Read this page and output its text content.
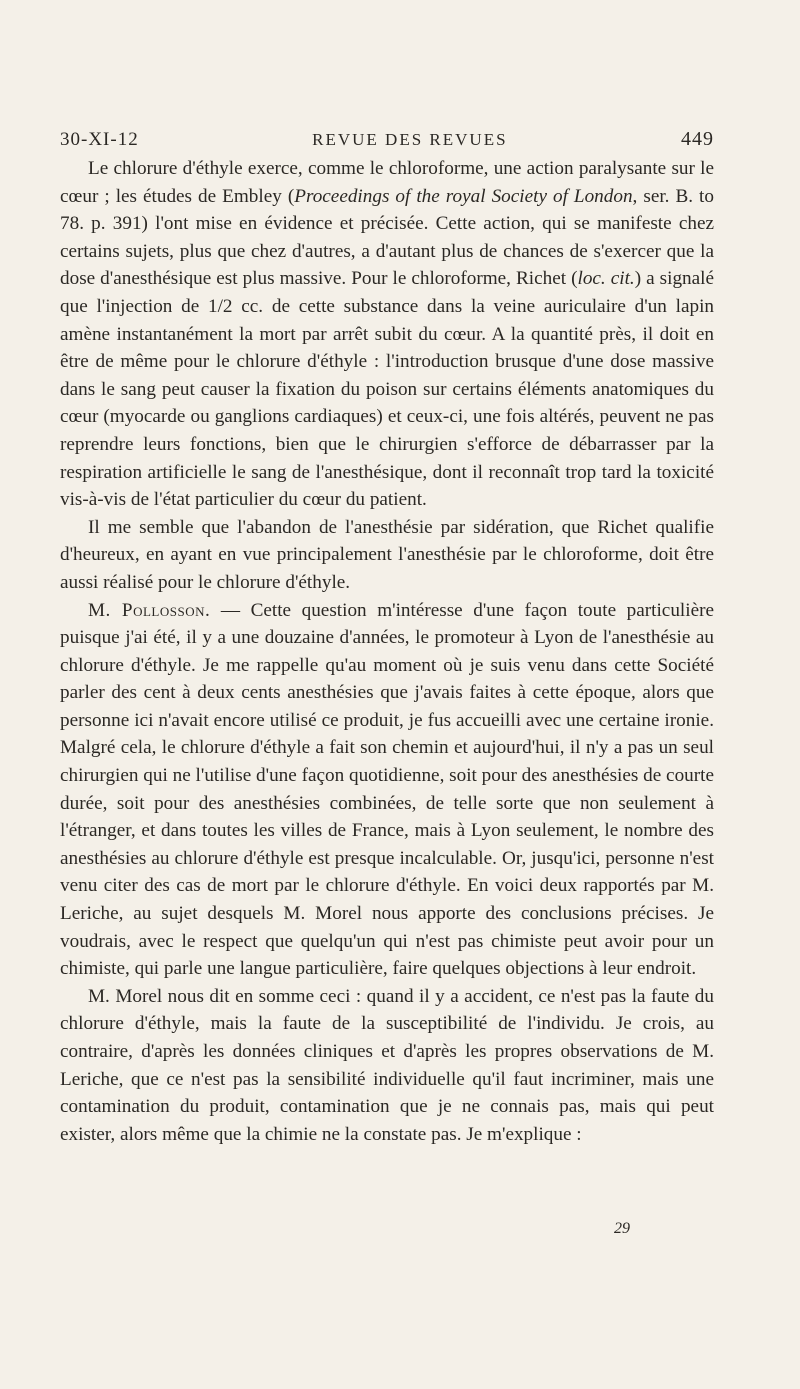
30-XI-12	REVUE DES REVUES	449

Le chlorure d'éthyle exerce, comme le chloroforme, une action paralysante sur le cœur ; les études de Embley (Proceedings of the royal Society of London, ser. B. to 78. p. 391) l'ont mise en évidence et précisée. Cette action, qui se manifeste chez certains sujets, plus que chez d'autres, a d'autant plus de chances de s'exercer que la dose d'anesthésique est plus massive. Pour le chloroforme, Richet (loc. cit.) a signalé que l'injection de 1/2 cc. de cette substance dans la veine auriculaire d'un lapin amène instantanément la mort par arrêt subit du cœur. A la quantité près, il doit en être de même pour le chlorure d'éthyle : l'introduction brusque d'une dose massive dans le sang peut causer la fixation du poison sur certains éléments anatomiques du cœur (myocarde ou ganglions cardiaques) et ceux-ci, une fois altérés, peuvent ne pas reprendre leurs fonctions, bien que le chirurgien s'efforce de débarrasser par la respiration artificielle le sang de l'anesthésique, dont il reconnaît trop tard la toxicité vis-à-vis de l'état particulier du cœur du patient.

Il me semble que l'abandon de l'anesthésie par sidération, que Richet qualifie d'heureux, en ayant en vue principalement l'anesthésie par le chloroforme, doit être aussi réalisé pour le chlorure d'éthyle.

M. Pollosson. — Cette question m'intéresse d'une façon toute particulière puisque j'ai été, il y a une douzaine d'années, le promoteur à Lyon de l'anesthésie au chlorure d'éthyle. Je me rappelle qu'au moment où je suis venu dans cette Société parler des cent à deux cents anesthésies que j'avais faites à cette époque, alors que personne ici n'avait encore utilisé ce produit, je fus accueilli avec une certaine ironie. Malgré cela, le chlorure d'éthyle a fait son chemin et aujourd'hui, il n'y a pas un seul chirurgien qui ne l'utilise d'une façon quotidienne, soit pour des anesthésies de courte durée, soit pour des anesthésies combinées, de telle sorte que non seulement à l'étranger, et dans toutes les villes de France, mais à Lyon seulement, le nombre des anesthésies au chlorure d'éthyle est presque incalculable. Or, jusqu'ici, personne n'est venu citer des cas de mort par le chlorure d'éthyle. En voici deux rapportés par M. Leriche, au sujet desquels M. Morel nous apporte des conclusions précises. Je voudrais, avec le respect que quelqu'un qui n'est pas chimiste peut avoir pour un chimiste, qui parle une langue particulière, faire quelques objections à leur endroit.

M. Morel nous dit en somme ceci : quand il y a accident, ce n'est pas la faute du chlorure d'éthyle, mais la faute de la susceptibilité de l'individu. Je crois, au contraire, d'après les données cliniques et d'après les propres observations de M. Leriche, que ce n'est pas la sensibilité individuelle qu'il faut incriminer, mais une contamination du produit, contamination que je ne connais pas, mais qui peut exister, alors même que la chimie ne la constate pas. Je m'explique :

29
